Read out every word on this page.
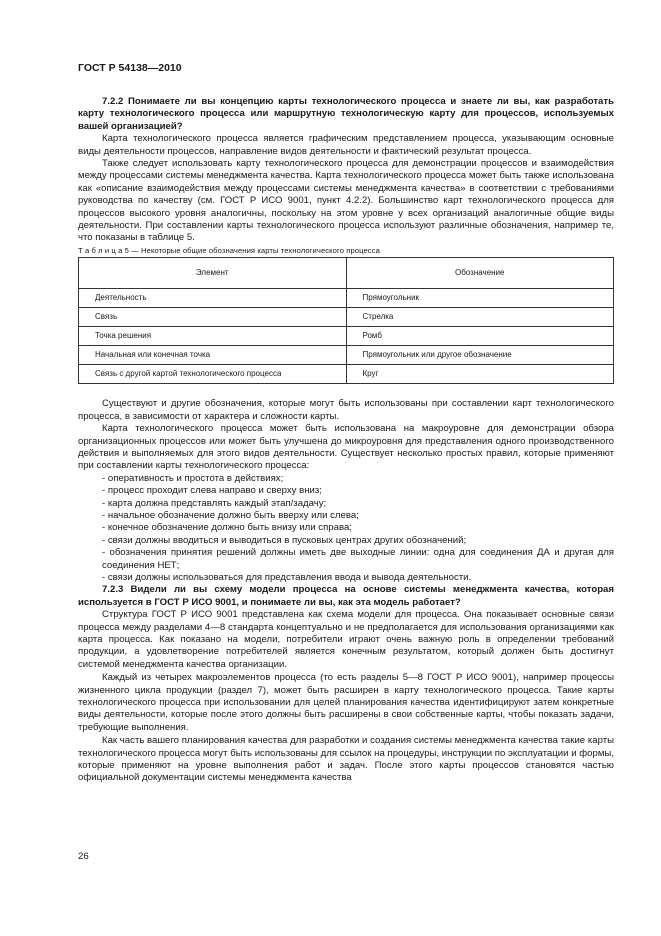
ГОСТ Р 54138—2010

7.2.2 Понимаете ли вы концепцию карты технологического процесса и знаете ли вы, как разработать карту технологического процесса или маршрутную технологическую карту для процессов, используемых вашей организацией?

Карта технологического процесса является графическим представлением процесса, указывающим основные виды деятельности процессов, направление видов деятельности и фактический результат процесса.

Также следует использовать карту технологического процесса для демонстрации процессов и взаимодействия между процессами системы менеджмента качества. Карта технологического процесса может быть также использована как «описание взаимодействия между процессами системы менеджмента качества» в соответствии с требованиями руководства по качеству (см. ГОСТ Р ИСО 9001, пункт 4.2.2). Большинство карт технологического процесса для процессов высокого уровня аналогичны, поскольку на этом уровне у всех организаций аналогичные общие виды деятельности. При составлении карты технологического процесса используют различные обозначения, например те, что показаны в таблице 5.

Т а б л и ц а 5 — Некоторые общие обозначения карты технологического процесса

Элемент	Обозначение
Деятельность	Прямоугольник
Связь	Стрелка
Точка решения	Ромб
Начальная или конечная точка	Прямоугольник или другое обозначение
Связь с другой картой технологического процесса	Круг

Существуют и другие обозначения, которые могут быть использованы при составлении карт технологического процесса, в зависимости от характера и сложности карты.

Карта технологического процесса может быть использована на макроуровне для демонстрации обзора организационных процессов или может быть улучшена до микроуровня для представления одного производственного действия и выполняемых для этого видов деятельности. Существует несколько простых правил, которые применяют при составлении карты технологического процесса:

- оперативность и простота в действиях;
- процесс проходит слева направо и сверху вниз;
- карта должна представлять каждый этап/задачу;
- начальное обозначение должно быть вверху или слева;
- конечное обозначение должно быть внизу или справа;
- связи должны вводиться и выводиться в пусковых центрах других обозначений;
- обозначения принятия решений должны иметь две выходные линии: одна для соединения ДА и другая для соединения НЕТ;
- связи должны использоваться для представления ввода и вывода деятельности.

7.2.3 Видели ли вы схему модели процесса на основе системы менеджмента качества, которая используется в ГОСТ Р ИСО 9001, и понимаете ли вы, как эта модель работает?

Структура ГОСТ Р ИСО 9001 представлена как схема модели для процесса. Она показывает основные связи процесса между разделами 4—8 стандарта концептуально и не предполагается для использования организациями как карта процесса. Как показано на модели, потребители играют очень важную роль в определении требований продукции, а удовлетворение потребителей является конечным результатом, который должен быть достигнут системой менеджмента качества организации.

Каждый из четырех макроэлементов процесса (то есть разделы 5—8 ГОСТ Р ИСО 9001), например процессы жизненного цикла продукции (раздел 7), может быть расширен в карту технологического процесса. Такие карты технологического процесса при использовании для целей планирования качества идентифицируют затем конкретные виды деятельности, которые после этого должны быть расширены в свои собственные карты, чтобы показать задачи, требующие выполнения.

Как часть вашего планирования качества для разработки и создания системы менеджмента качества такие карты технологического процесса могут быть использованы для ссылок на процедуры, инструкции по эксплуатации и формы, которые применяют на уровне выполнения работ и задач. После этого карты процессов становятся частью официальной документации системы менеджмента качества

26
